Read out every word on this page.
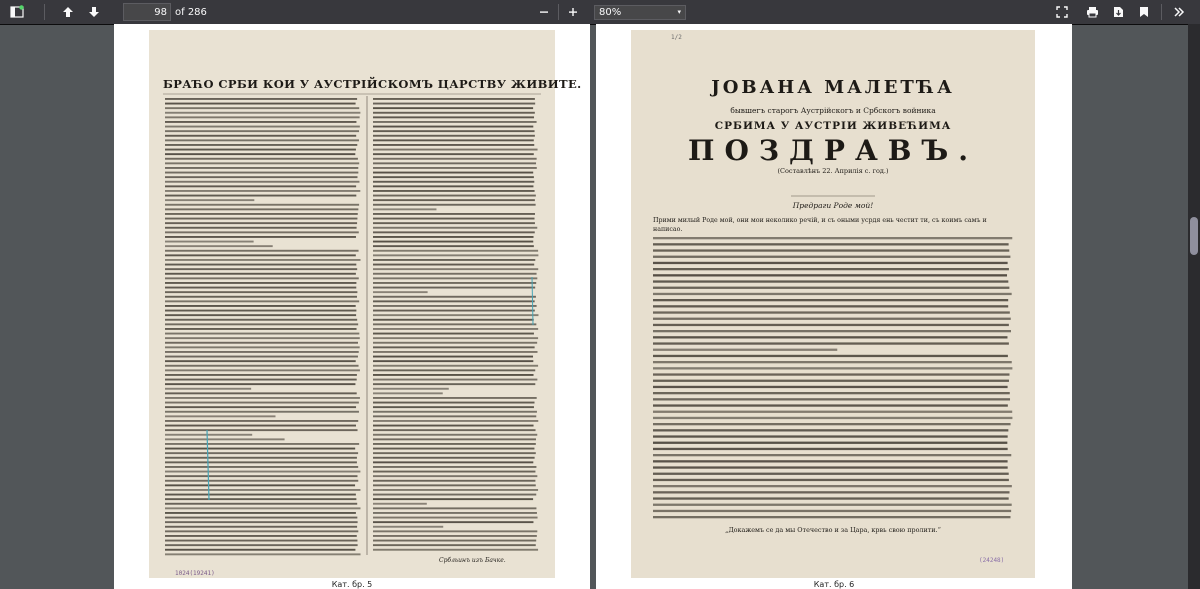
98
of 286	80%	▾
БРАЋО СРБИ КОИ У АУСТРІЙСКОМЪ ЦАРСТВУ ЖИВИТЕ.
Србльинъ изъ Бачке.
1024(19241)
Кат. бр. 5
1/2
ЈОВАНА МАЛЕТЋА
бывшегъ старогъ Аустрійскогъ и Србскогъ войника
СРБИМА У АУСТРІИ ЖИВЕЋИМА
ПОЗДРАВЪ.
(Составлѣнъ 22. Априлія с. год.)
Предраги Роде мой!
Прими милый Роде мой, они мои неколико речій, и съ оными усрдя ень честит ти, съ коимъ самъ и написао.
„Докажемъ се да мы Отечество и за Цара, крвь свою пролити.“
(24248)
Кат. бр. 6
